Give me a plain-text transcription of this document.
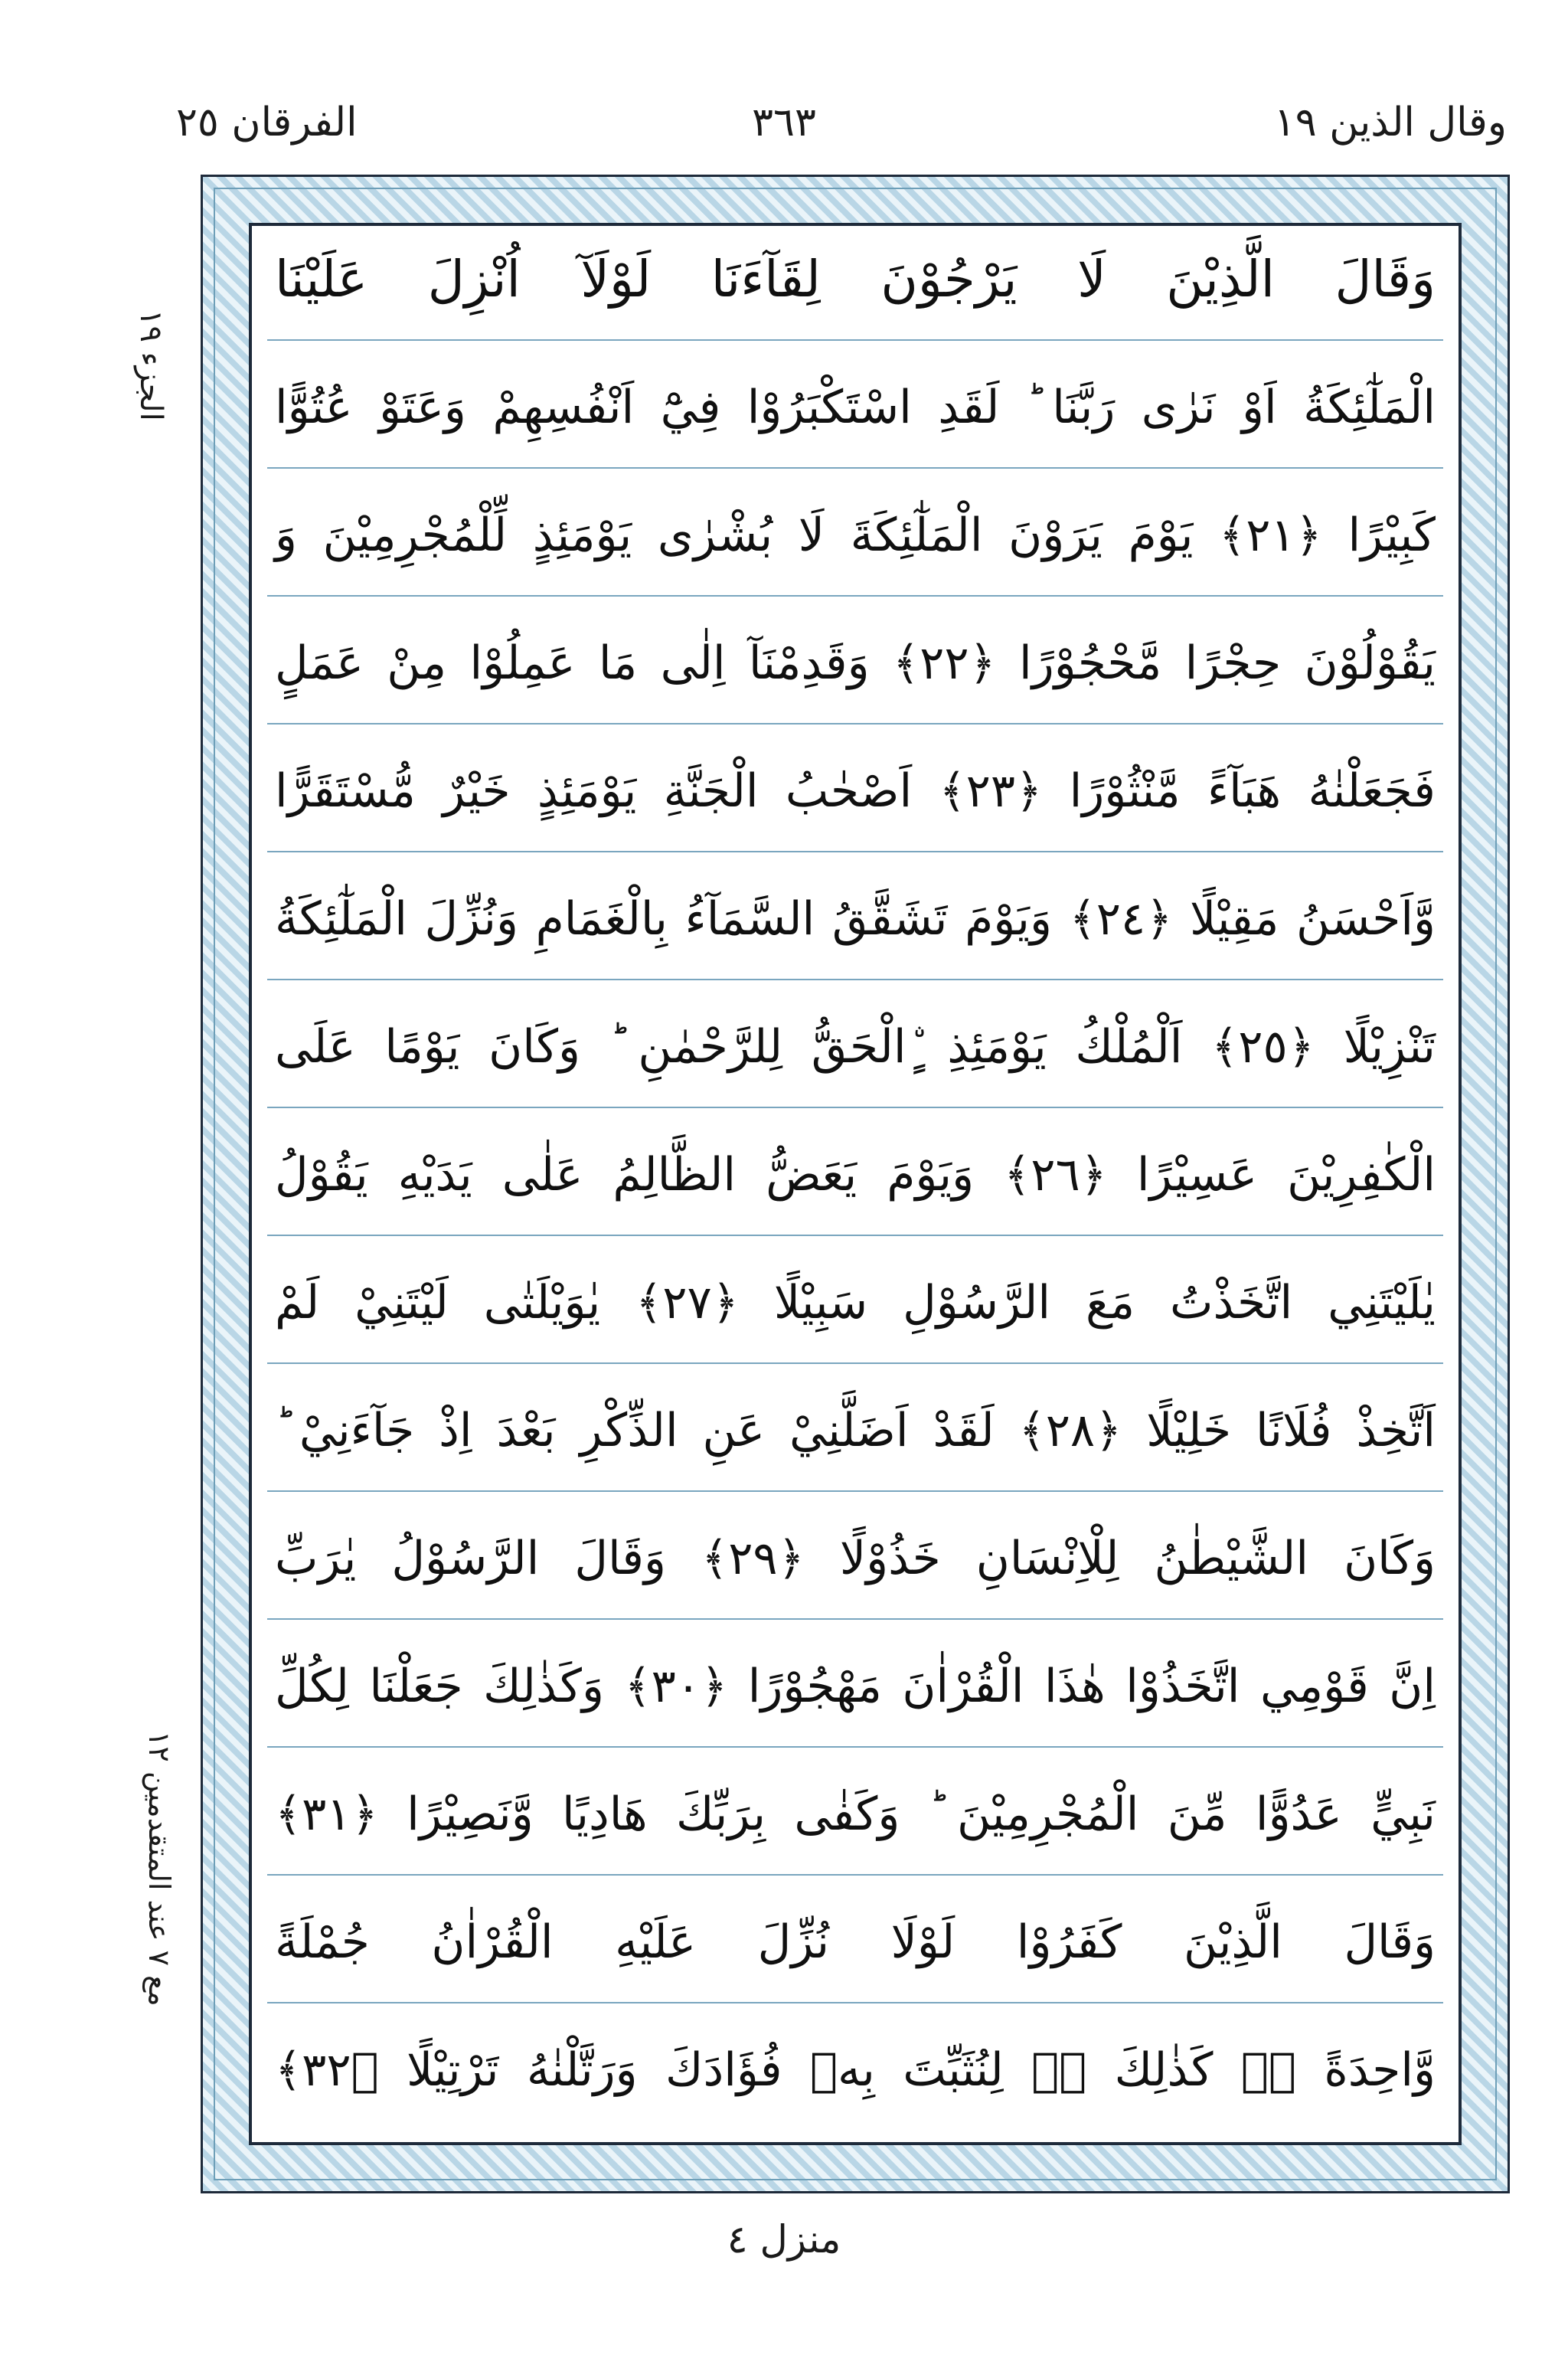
وقال الذين ١٩
٣٦٣
الفرقان ٢٥
الجزء ١٩
مع ٧ عند المتقدمين ١٢
وَقَالَ الَّذِيْنَ لَا يَرْجُوْنَ لِقَآءَنَا لَوْلَآ اُنْزِلَ عَلَيْنَا
الْمَلٰٓئِكَةُ اَوْ نَرٰى رَبَّنَا ؕ لَقَدِ اسْتَكْبَرُوْا فِيْٓ اَنْفُسِهِمْ وَعَتَوْ عُتُوًّا
كَبِيْرًا ﴿٢١﴾ يَوْمَ يَرَوْنَ الْمَلٰٓئِكَةَ لَا بُشْرٰى يَوْمَئِذٍ لِّلْمُجْرِمِيْنَ وَ
يَقُوْلُوْنَ حِجْرًا مَّحْجُوْرًا ﴿٢٢﴾ وَقَدِمْنَآ اِلٰى مَا عَمِلُوْا مِنْ عَمَلٍ
فَجَعَلْنٰهُ هَبَآءً مَّنْثُوْرًا ﴿٢٣﴾ اَصْحٰبُ الْجَنَّةِ يَوْمَئِذٍ خَيْرٌ مُّسْتَقَرًّا
وَّاَحْسَنُ مَقِيْلًا ﴿٢٤﴾ وَيَوْمَ تَشَقَّقُ السَّمَآءُ بِالْغَمَامِ وَنُزِّلَ الْمَلٰٓئِكَةُ
تَنْزِيْلًا ﴿٢٥﴾ اَلْمُلْكُ يَوْمَئِذِ ٍۨالْحَقُّ لِلرَّحْمٰنِ ؕ وَكَانَ يَوْمًا عَلَى
الْكٰفِرِيْنَ عَسِيْرًا ﴿٢٦﴾ وَيَوْمَ يَعَضُّ الظَّالِمُ عَلٰى يَدَيْهِ يَقُوْلُ
يٰلَيْتَنِي اتَّخَذْتُ مَعَ الرَّسُوْلِ سَبِيْلًا ﴿٢٧﴾ يٰوَيْلَتٰى لَيْتَنِيْ لَمْ
اَتَّخِذْ فُلَانًا خَلِيْلًا ﴿٢٨﴾ لَقَدْ اَضَلَّنِيْ عَنِ الذِّكْرِ بَعْدَ اِذْ جَآءَنِيْ ؕ
وَكَانَ الشَّيْطٰنُ لِلْاِنْسَانِ خَذُوْلًا ﴿٢٩﴾ وَقَالَ الرَّسُوْلُ يٰرَبِّ
اِنَّ قَوْمِي اتَّخَذُوْا هٰذَا الْقُرْاٰنَ مَهْجُوْرًا ﴿٣٠﴾ وَكَذٰلِكَ جَعَلْنَا لِكُلِّ
نَبِيٍّ عَدُوًّا مِّنَ الْمُجْرِمِيْنَ ؕ وَكَفٰى بِرَبِّكَ هَادِيًا وَّنَصِيْرًا ﴿٣١﴾
وَقَالَ الَّذِيْنَ كَفَرُوْا لَوْلَا نُزِّلَ عَلَيْهِ الْقُرْاٰنُ جُمْلَةً
وَّاحِدَةً ۛۚ كَذٰلِكَ ۛۚ لِنُثَبِّتَ بِهٖ فُؤَادَكَ وَرَتَّلْنٰهُ تَرْتِيْلًا ﴿٣٢﴾
منزل ٤
